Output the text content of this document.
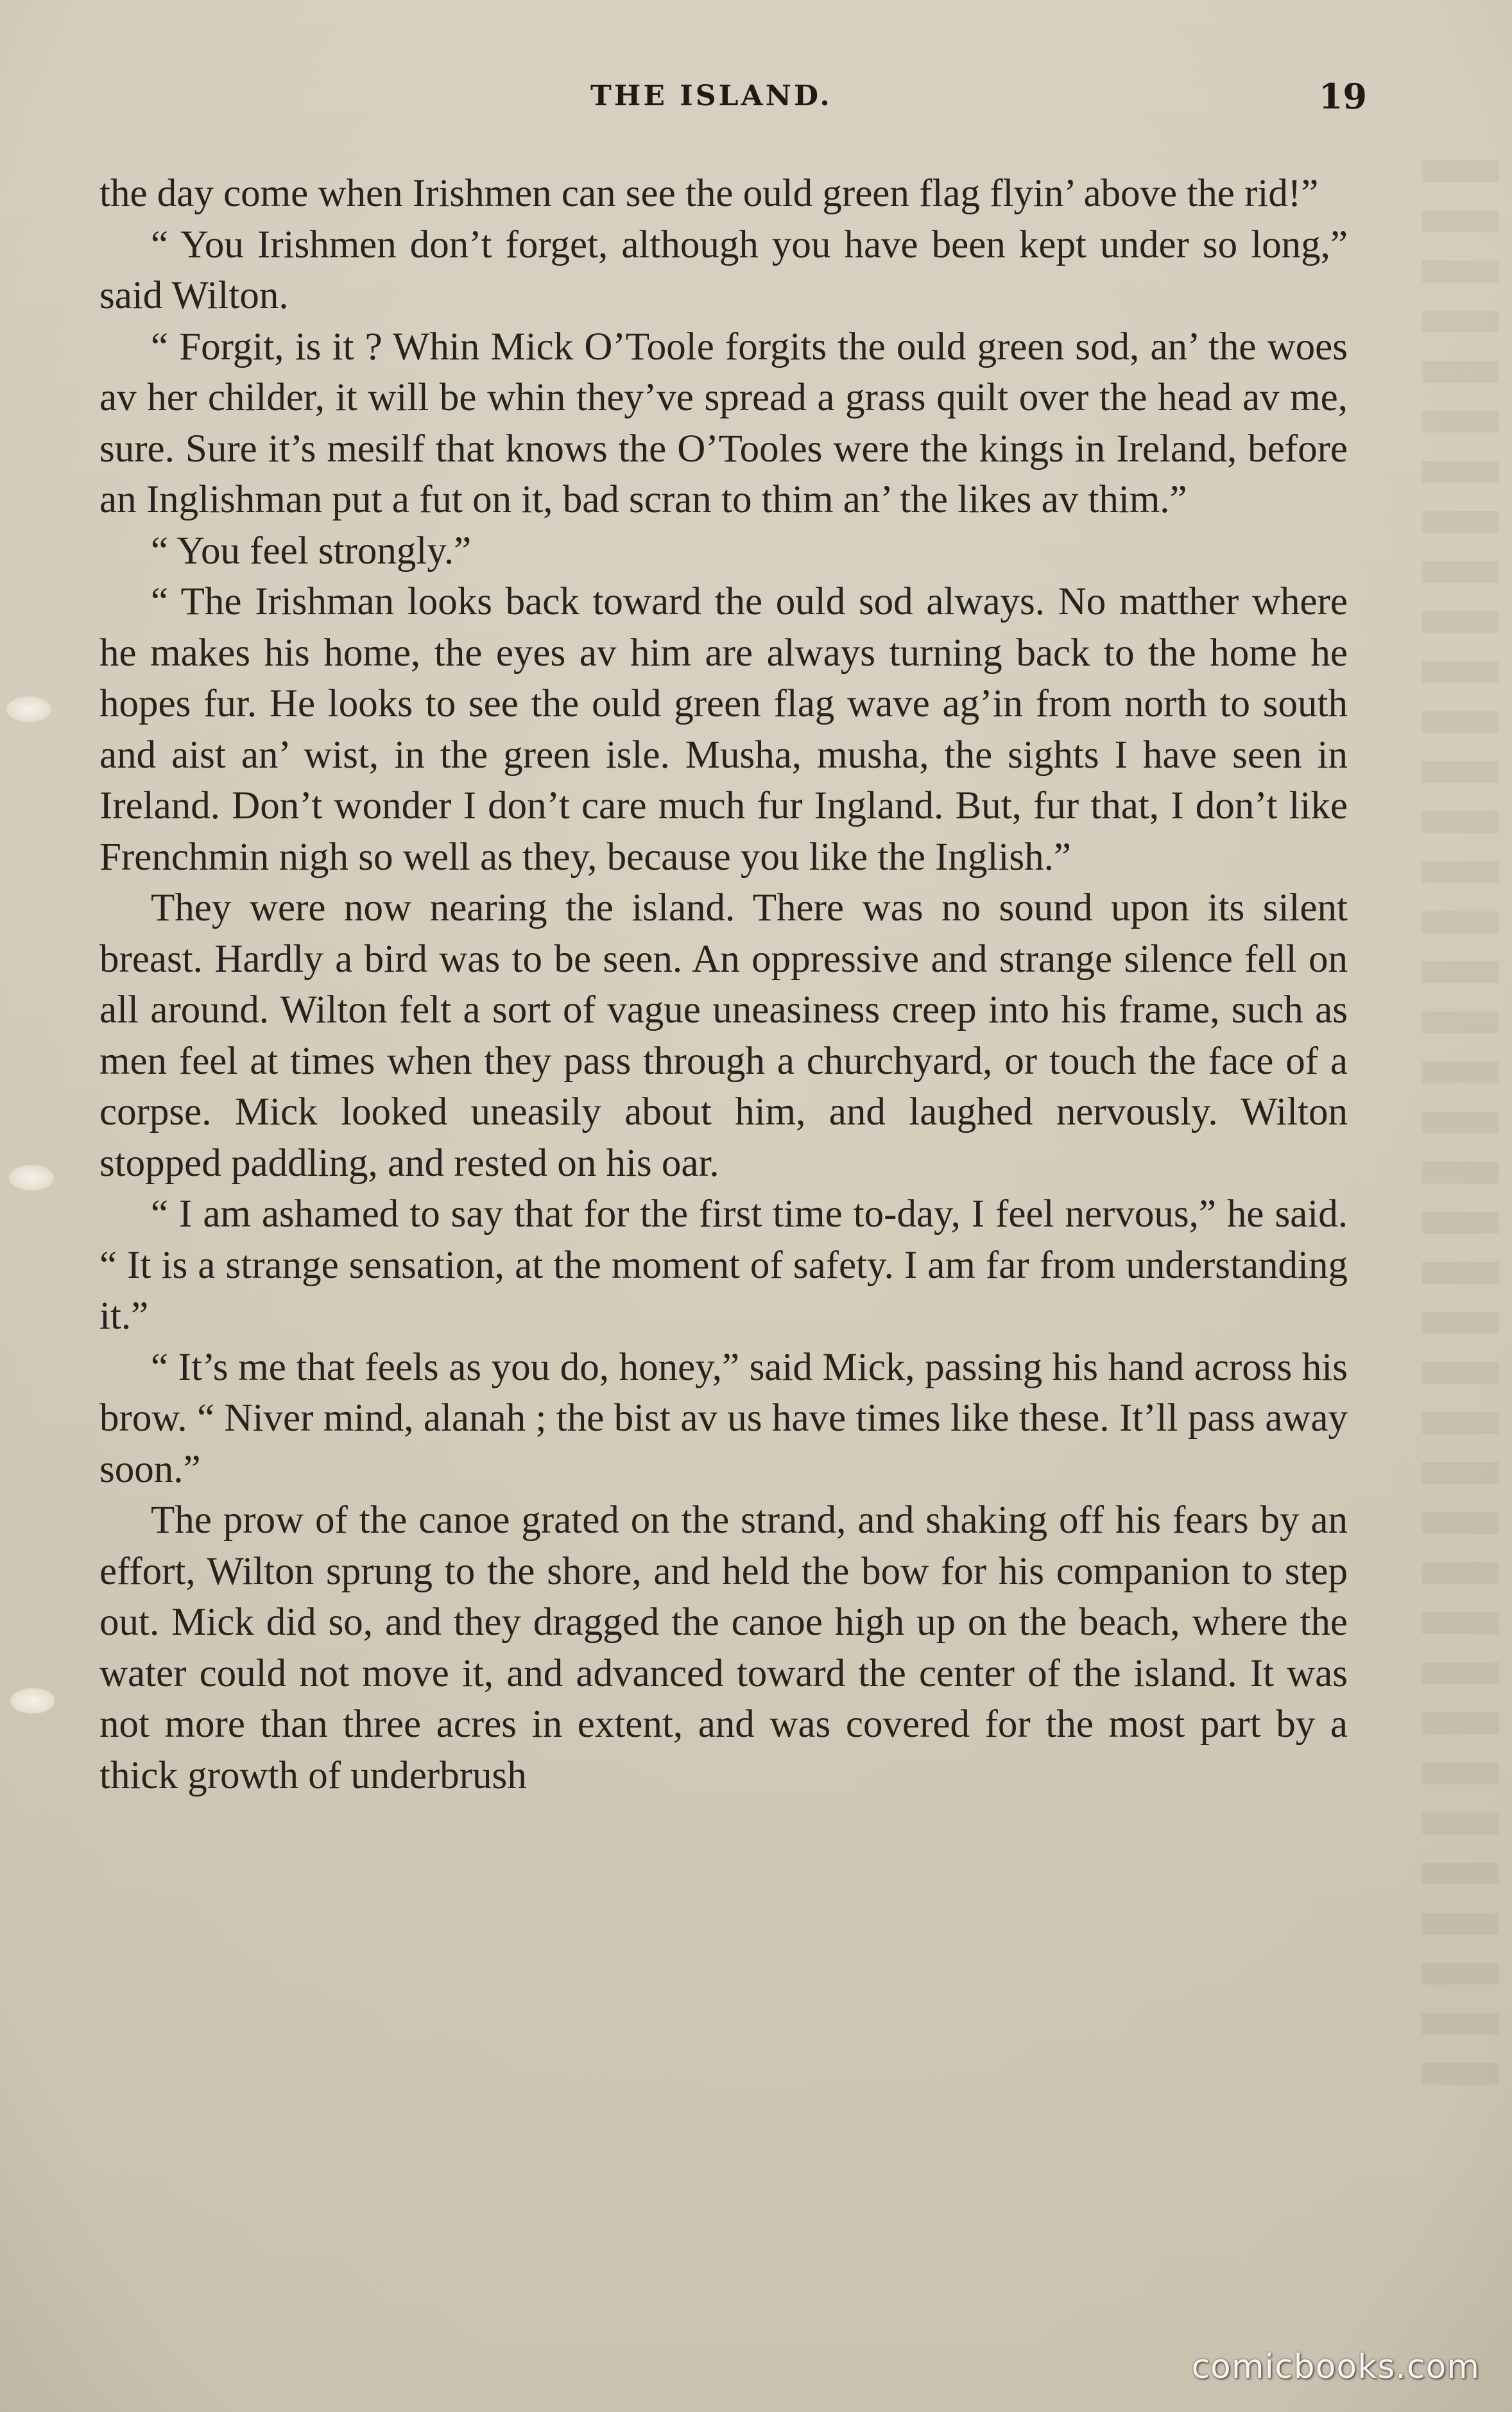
THE ISLAND.	19

the day come when Irishmen can see the ould green flag flyin’ above the rid!”

“ You Irishmen don’t forget, although you have been kept under so long,” said Wilton.

“ Forgit, is it ? Whin Mick O’Toole forgits the ould green sod, an’ the woes av her childer, it will be whin they’ve spread a grass quilt over the head av me, sure. Sure it’s mesilf that knows the O’Tooles were the kings in Ireland, before an Inglishman put a fut on it, bad scran to thim an’ the likes av thim.”

“ You feel strongly.”

“ The Irishman looks back toward the ould sod always. No matther where he makes his home, the eyes av him are always turning back to the home he hopes fur. He looks to see the ould green flag wave ag’in from north to south and aist an’ wist, in the green isle. Musha, musha, the sights I have seen in Ireland. Don’t wonder I don’t care much fur Ingland. But, fur that, I don’t like Frenchmin nigh so well as they, because you like the Inglish.”

They were now nearing the island. There was no sound upon its silent breast. Hardly a bird was to be seen. An oppressive and strange silence fell on all around. Wilton felt a sort of vague uneasiness creep into his frame, such as men feel at times when they pass through a churchyard, or touch the face of a corpse. Mick looked uneasily about him, and laughed nervously. Wilton stopped paddling, and rested on his oar.

“ I am ashamed to say that for the first time to-day, I feel nervous,” he said. “ It is a strange sensation, at the moment of safety. I am far from understanding it.”

“ It’s me that feels as you do, honey,” said Mick, passing his hand across his brow. “ Niver mind, alanah ; the bist av us have times like these. It’ll pass away soon.”

The prow of the canoe grated on the strand, and shaking off his fears by an effort, Wilton sprung to the shore, and held the bow for his companion to step out. Mick did so, and they dragged the canoe high up on the beach, where the water could not move it, and advanced toward the center of the island. It was not more than three acres in extent, and was covered for the most part by a thick growth of underbrush

comicbooks.com
